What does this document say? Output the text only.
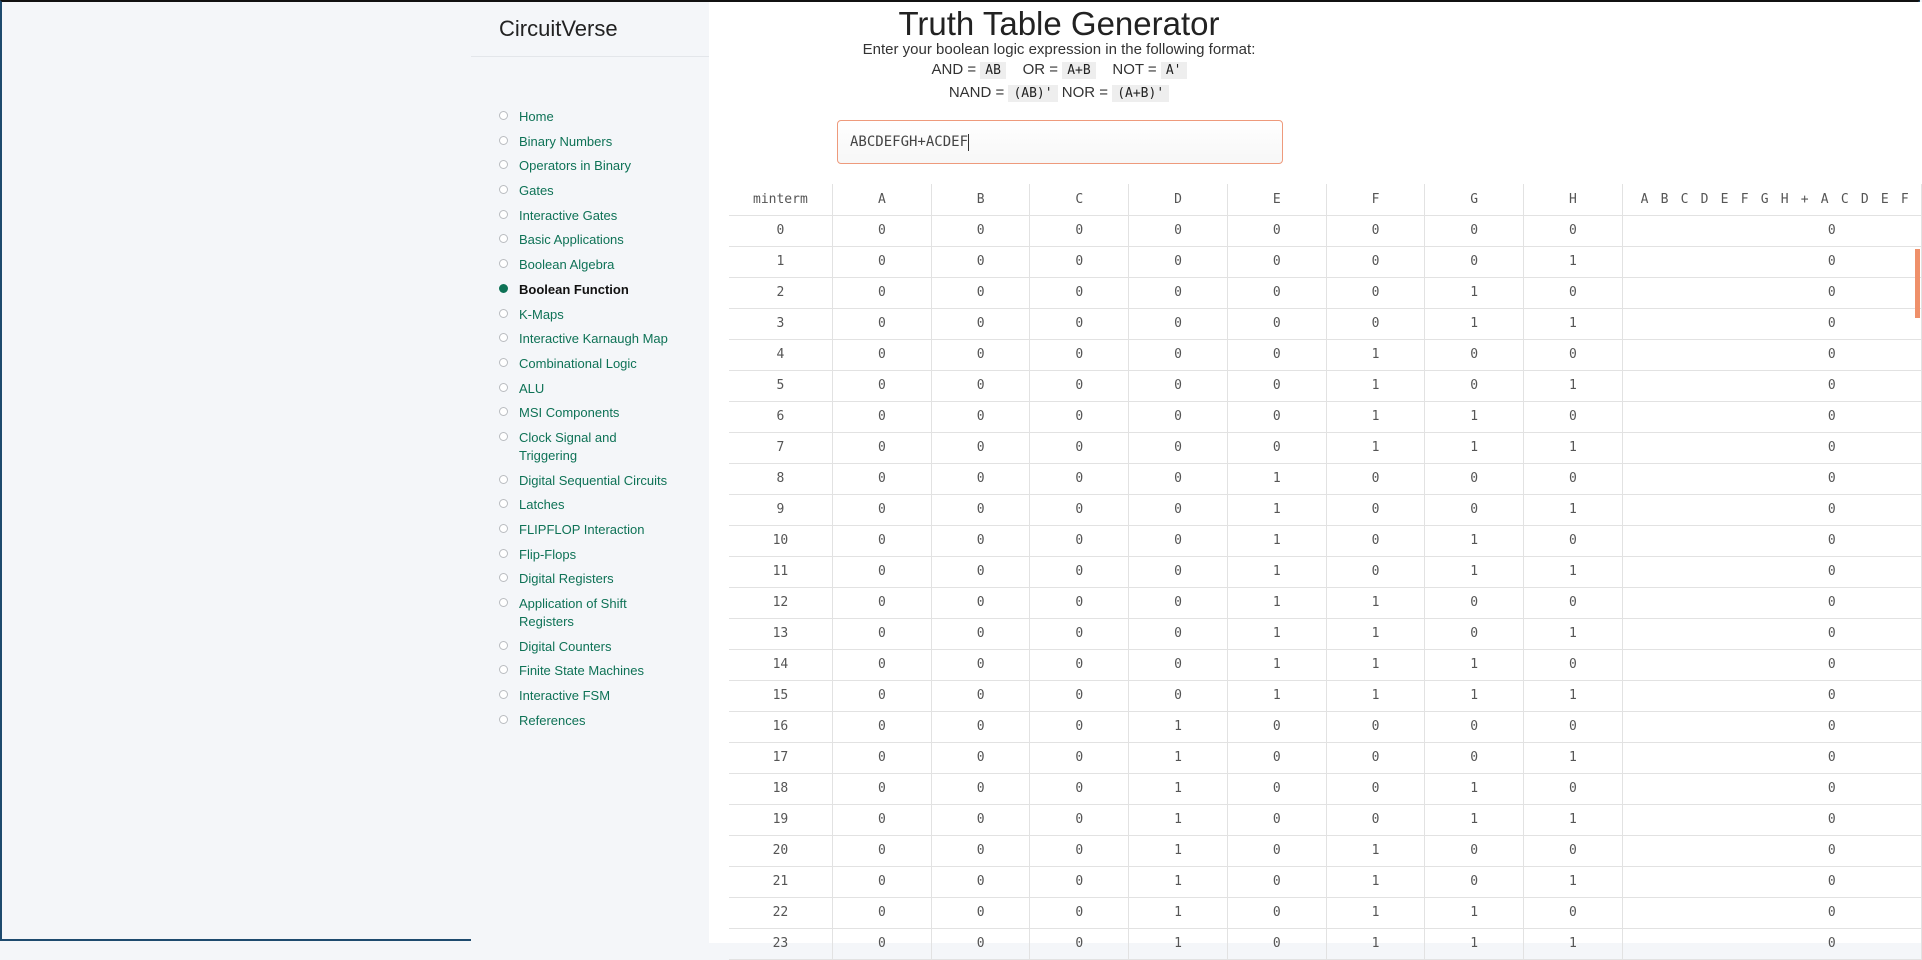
CircuitVerse
Home
Binary Numbers
Operators in Binary
Gates
Interactive Gates
Basic Applications
Boolean Algebra
Boolean Function
K-Maps
Interactive Karnaugh Map
Combinational Logic
ALU
MSI Components
Clock Signal and Triggering
Digital Sequential Circuits
Latches
FLIPFLOP Interaction
Flip-Flops
Digital Registers
Application of Shift Registers
Digital Counters
Finite State Machines
Interactive FSM
References
Truth Table Generator
Enter your boolean logic expression in the following format:
AND = AB OR = A+B NOT = A'
NAND = (AB)' NOR = (A+B)'
ABCDEFGH+ACDEF
minterm	A	B	C	D	E	F	G	H	ABCDEFGH+ACDEF
0	0	0	0	0	0	0	0	0	0
1	0	0	0	0	0	0	0	1	0
2	0	0	0	0	0	0	1	0	0
3	0	0	0	0	0	0	1	1	0
4	0	0	0	0	0	1	0	0	0
5	0	0	0	0	0	1	0	1	0
6	0	0	0	0	0	1	1	0	0
7	0	0	0	0	0	1	1	1	0
8	0	0	0	0	1	0	0	0	0
9	0	0	0	0	1	0	0	1	0
10	0	0	0	0	1	0	1	0	0
11	0	0	0	0	1	0	1	1	0
12	0	0	0	0	1	1	0	0	0
13	0	0	0	0	1	1	0	1	0
14	0	0	0	0	1	1	1	0	0
15	0	0	0	0	1	1	1	1	0
16	0	0	0	1	0	0	0	0	0
17	0	0	0	1	0	0	0	1	0
18	0	0	0	1	0	0	1	0	0
19	0	0	0	1	0	0	1	1	0
20	0	0	0	1	0	1	0	0	0
21	0	0	0	1	0	1	0	1	0
22	0	0	0	1	0	1	1	0	0
23	0	0	0	1	0	1	1	1	0
